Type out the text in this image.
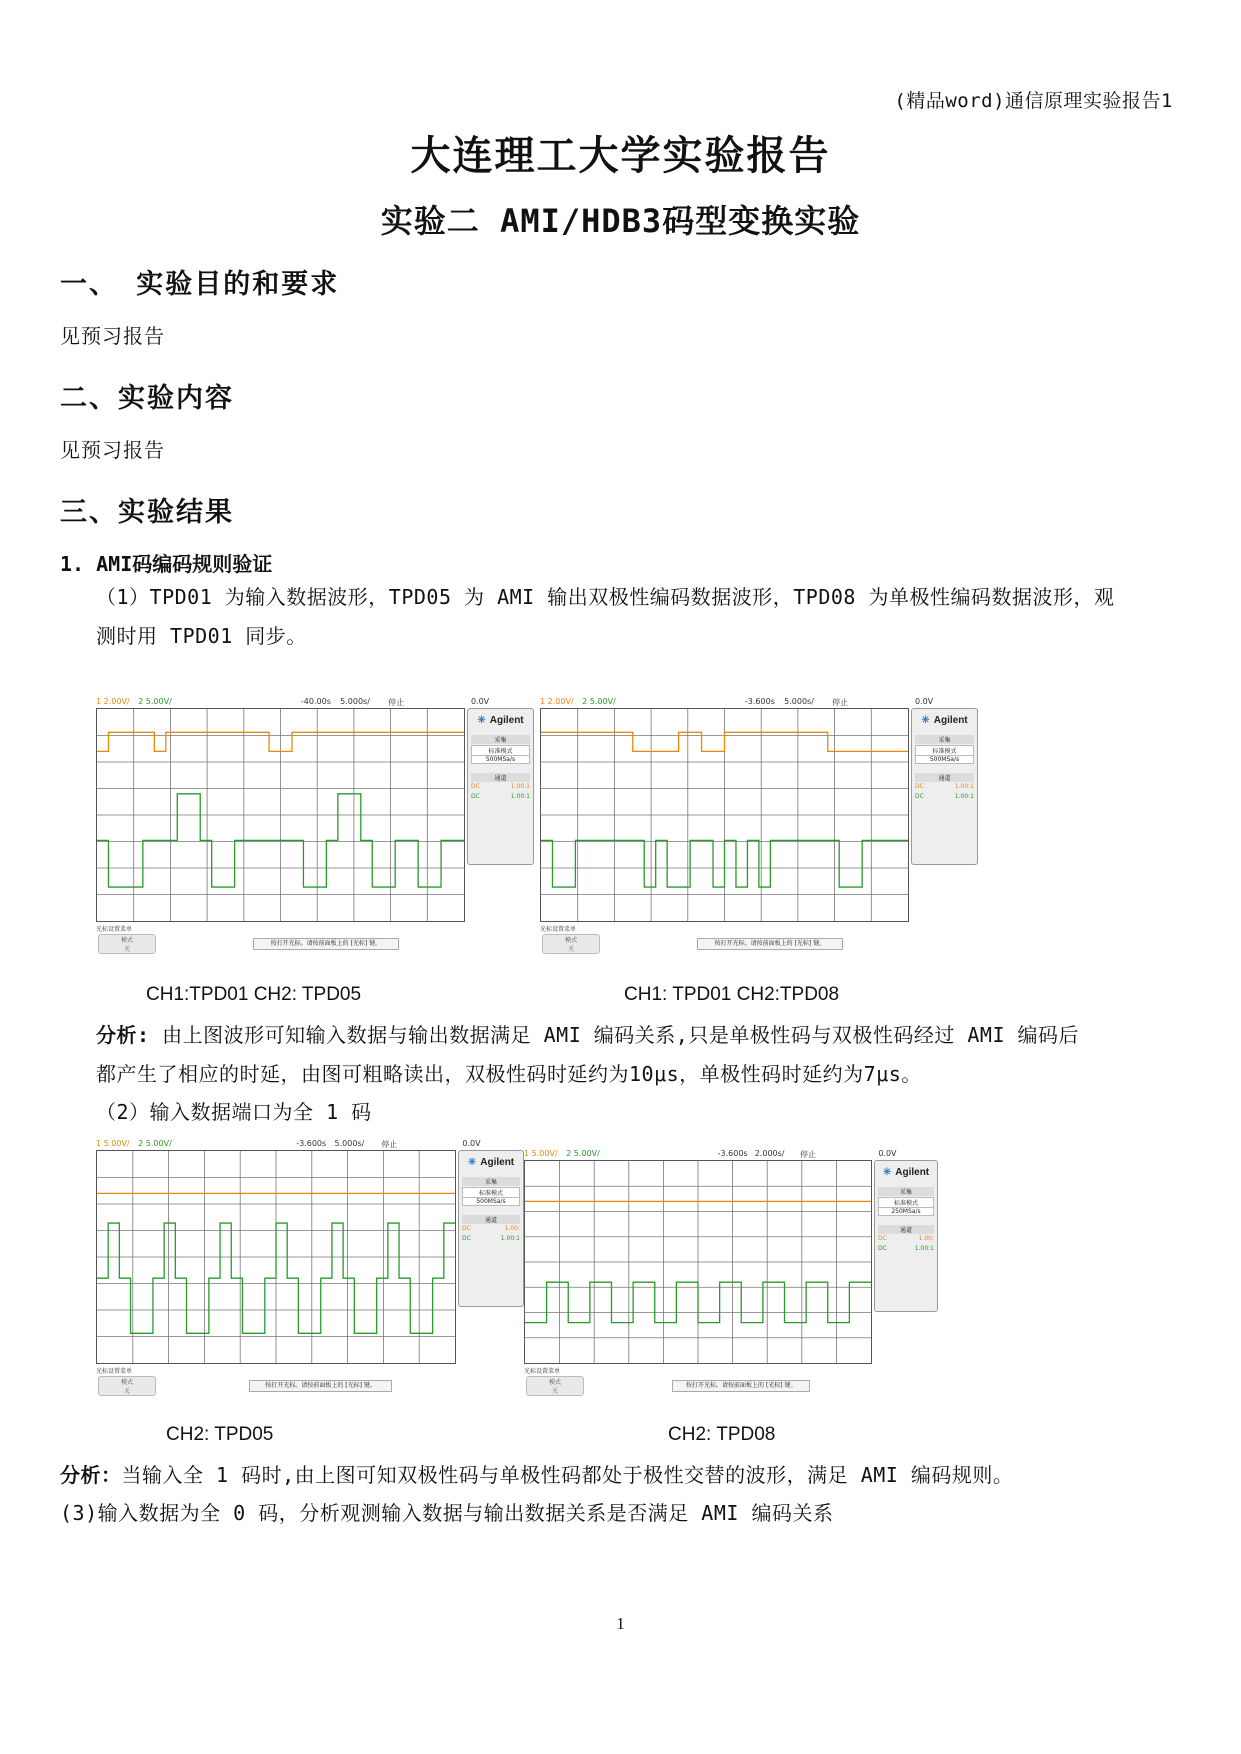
(精品word)通信原理实验报告1
大连理工大学实验报告
实验二 AMI/HDB3码型变换实验
一、 实验目的和要求
见预习报告
二、实验内容
见预习报告
三、实验结果
1. AMI码编码规则验证
（1）TPD01 为输入数据波形，TPD05 为 AMI 输出双极性编码数据波形，TPD08 为单极性编码数据波形，观
测时用 TPD01 同步。
1 2.00V/ 2 5.00V/	-40.00s 5.000s/ 停止	0.0V
✳ Agilent
采集
标准模式
500MSa/s
通道
DC	1.00:1
DC	1.00:1
光标设置菜单
模式
关
按打开光标。请按前面板上的 [光标] 键。
1 2.00V/ 2 5.00V/	-3.600s 5.000s/ 停止	0.0V
✳ Agilent
采集
标准模式
500MSa/s
通道
DC	1.00:1
DC	1.00:1
光标设置菜单
模式
关
按打开光标。请按前面板上的 [光标] 键。
CH1:TPD01 CH2: TPD05	CH1: TPD01 CH2:TPD08
分析: 由上图波形可知输入数据与输出数据满足 AMI 编码关系,只是单极性码与双极性码经过 AMI 编码后
都产生了相应的时延，由图可粗略读出，双极性码时延约为10μs，单极性码时延约为7μs。
（2）输入数据端口为全 1 码
1 5.00V/ 2 5.00V/	-3.600s 5.000s/ 停止	0.0V
✳ Agilent
采集
标准模式
500MSa/s
通道
DC	1.00:
DC	1.00:1
光标设置菜单
模式
关
按打开光标。请按前面板上的 [光标] 键。
1 5.00V/ 2 5.00V/	-3.600s 2.000s/ 停止	0.0V
✳ Agilent
采集
标准模式
250MSa/s
通道
DC	1.00:
DC	1.00:1
光标设置菜单
模式
关
按打开光标。请按前面板上的 [光标] 键。
CH2: TPD05	CH2: TPD08
分析：当输入全 1 码时,由上图可知双极性码与单极性码都处于极性交替的波形，满足 AMI 编码规则。
(3)输入数据为全 0 码，分析观测输入数据与输出数据关系是否满足 AMI 编码关系
1
